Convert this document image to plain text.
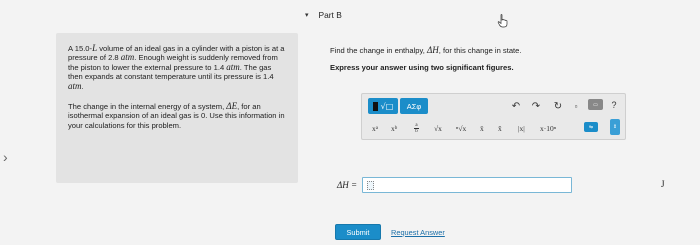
›

A 15.0-L volume of an ideal gas in a cylinder with a piston is at a pressure of 2.8 atm. Enough weight is suddenly removed from the piston to lower the external pressure to 1.4 atm. The gas then expands at constant temperature until its pressure is 1.4 atm.

The change in the internal energy of a system, ΔE, for an isothermal expansion of an ideal gas is 0. Use this information in your calculations for this problem.

▾ Part B
Find the change in enthalpy, ΔH, for this change in state.
Express your answer using two significant figures.
√□	ΑΣφ	↶ ↷ ↻	▫	▭	?
x a x b
a
b √x ⁿ√x x̄ x̂ |x| x·10ⁿ	⇆	⇕
ΔH =	J
Submit	Request Answer
